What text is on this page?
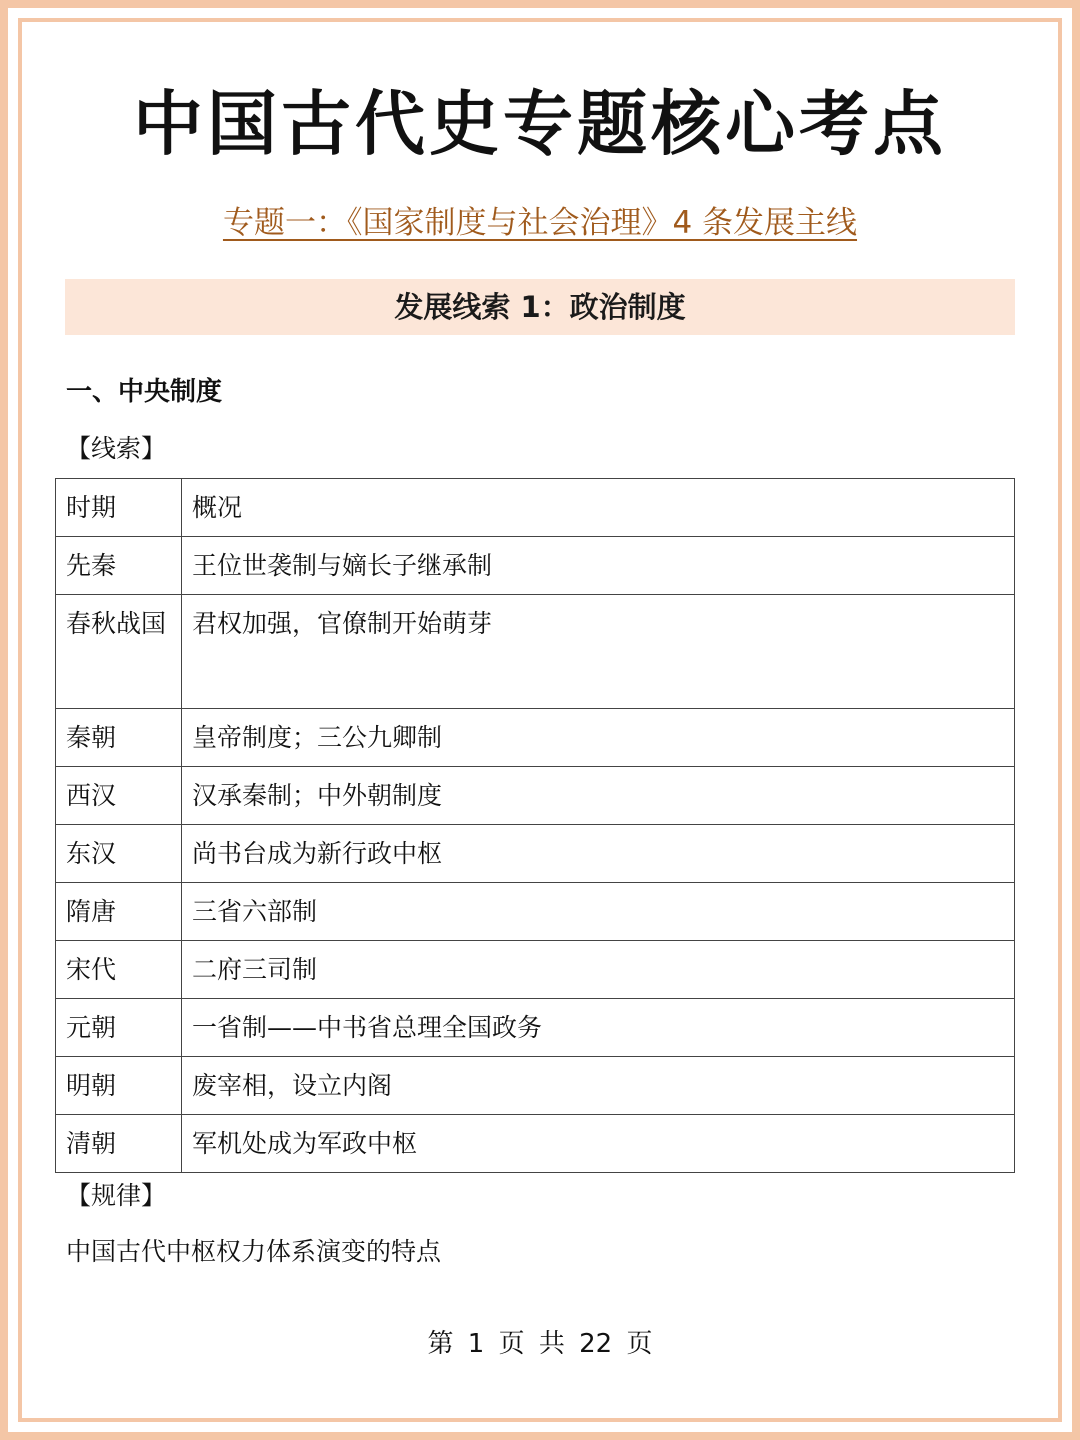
中国古代史专题核心考点
专题一：《国家制度与社会治理》4 条发展主线
发展线索 1：政治制度
一、中央制度
【线索】
时期	概况
先秦	王位世袭制与嫡长子继承制
春秋战国	君权加强，官僚制开始萌芽
秦朝	皇帝制度；三公九卿制
西汉	汉承秦制；中外朝制度
东汉	尚书台成为新行政中枢
隋唐	三省六部制
宋代	二府三司制
元朝	一省制——中书省总理全国政务
明朝	废宰相，设立内阁
清朝	军机处成为军政中枢
【规律】
中国古代中枢权力体系演变的特点
第 1 页 共 22 页
